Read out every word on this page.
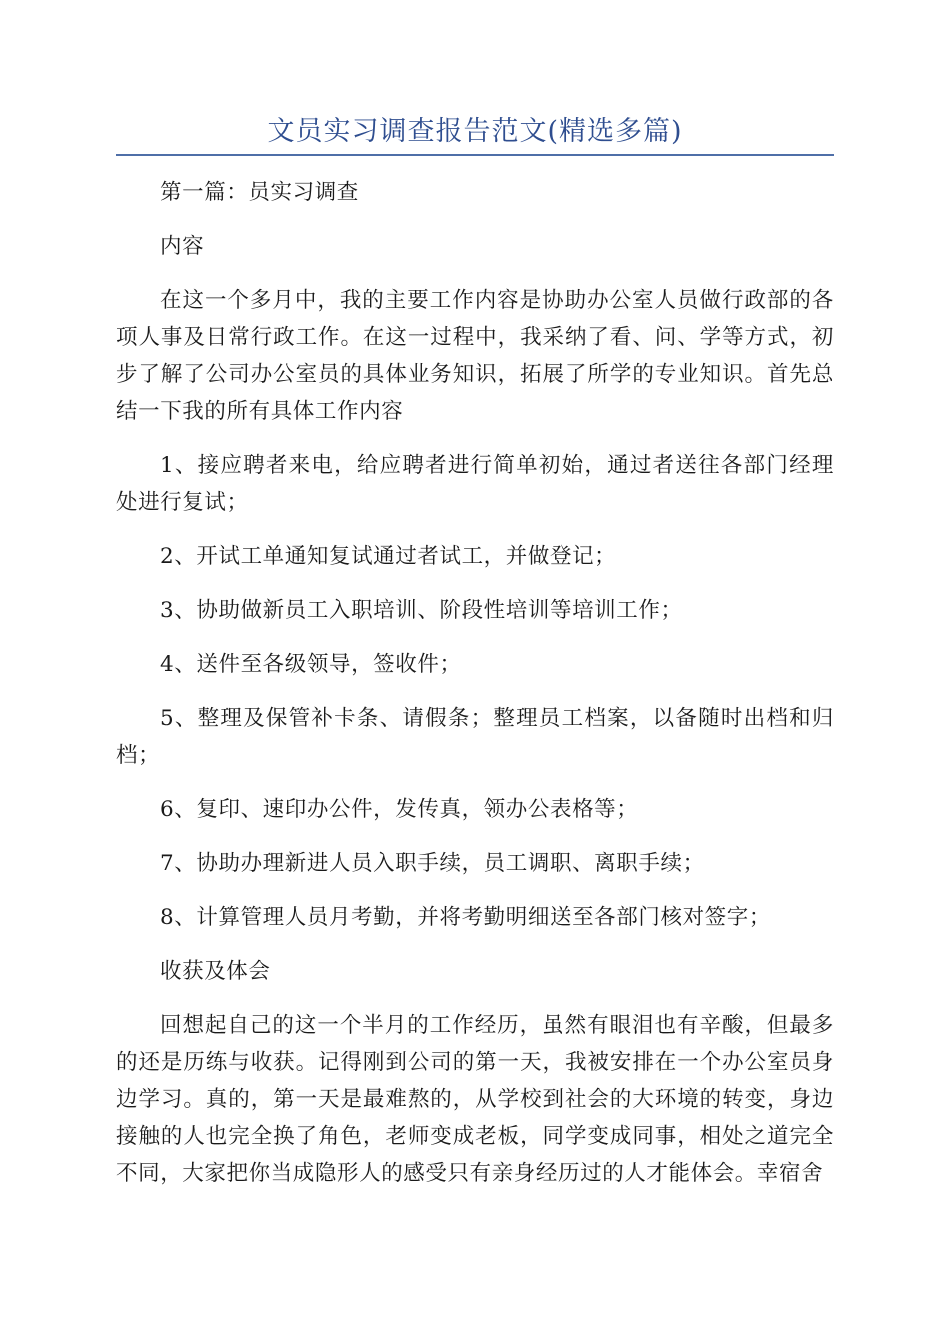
文员实习调查报告范文(精选多篇)

第一篇：员实习调查

内容

在这一个多月中，我的主要工作内容是协助办公室人员做行政部的各项人事及日常行政工作。在这一过程中，我采纳了看、问、学等方式，初步了解了公司办公室员的具体业务知识，拓展了所学的专业知识。首先总结一下我的所有具体工作内容

1、接应聘者来电，给应聘者进行简单初始，通过者送往各部门经理处进行复试；

2、开试工单通知复试通过者试工，并做登记；

3、协助做新员工入职培训、阶段性培训等培训工作；

4、送件至各级领导，签收件；

5、整理及保管补卡条、请假条；整理员工档案，以备随时出档和归档；

6、复印、速印办公件，发传真，领办公表格等；

7、协助办理新进人员入职手续，员工调职、离职手续；

8、计算管理人员月考勤，并将考勤明细送至各部门核对签字；

收获及体会

回想起自己的这一个半月的工作经历，虽然有眼泪也有辛酸，但最多的还是历练与收获。记得刚到公司的第一天，我被安排在一个办公室员身边学习。真的，第一天是最难熬的，从学校到社会的大环境的转变，身边接触的人也完全换了角色，老师变成老板，同学变成同事，相处之道完全不同，大家把你当成隐形人的感受只有亲身经历过的人才能体会。幸宿舍
